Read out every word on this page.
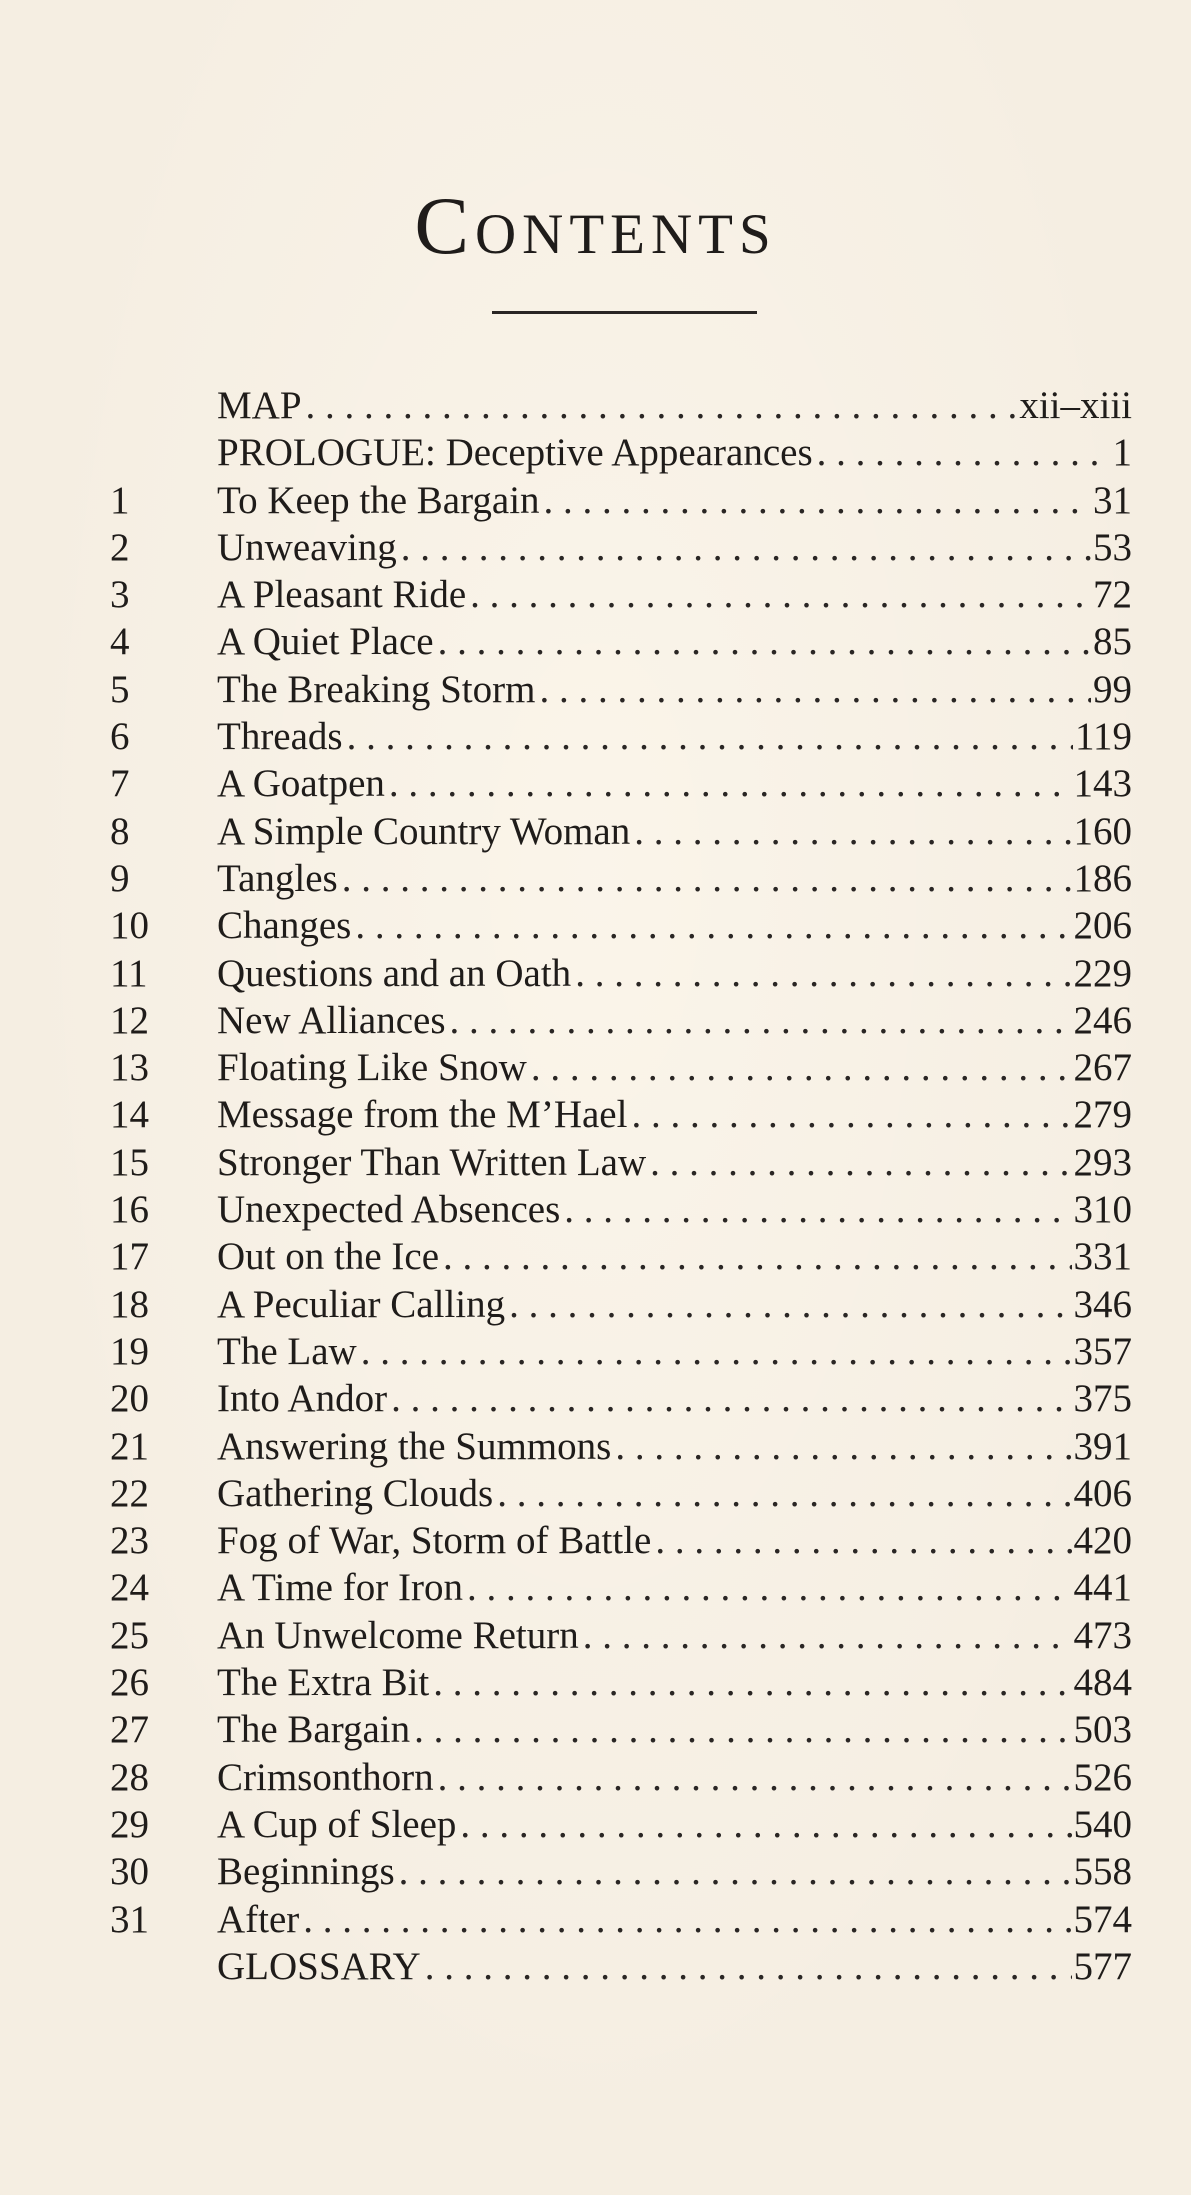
Contents
MAP . . .	xii–xiii
PROLOGUE: Deceptive Appearances . . .	1
1	To Keep the Bargain . . .	31
2	Unweaving . . .	53
3	A Pleasant Ride . . .	72
4	A Quiet Place . . .	85
5	The Breaking Storm . . .	99
6	Threads . . .	119
7	A Goatpen . . .	143
8	A Simple Country Woman . . .	160
9	Tangles . . .	186
10	Changes . . .	206
11	Questions and an Oath . . .	229
12	New Alliances . . .	246
13	Floating Like Snow . . .	267
14	Message from the M’Hael . . .	279
15	Stronger Than Written Law . . .	293
16	Unexpected Absences . . .	310
17	Out on the Ice . . .	331
18	A Peculiar Calling . . .	346
19	The Law . . .	357
20	Into Andor . . .	375
21	Answering the Summons . . .	391
22	Gathering Clouds . . .	406
23	Fog of War, Storm of Battle . . .	420
24	A Time for Iron . . .	441
25	An Unwelcome Return . . .	473
26	The Extra Bit . . .	484
27	The Bargain . . .	503
28	Crimsonthorn . . .	526
29	A Cup of Sleep . . .	540
30	Beginnings . . .	558
31	After . . .	574
GLOSSARY . . .	577
